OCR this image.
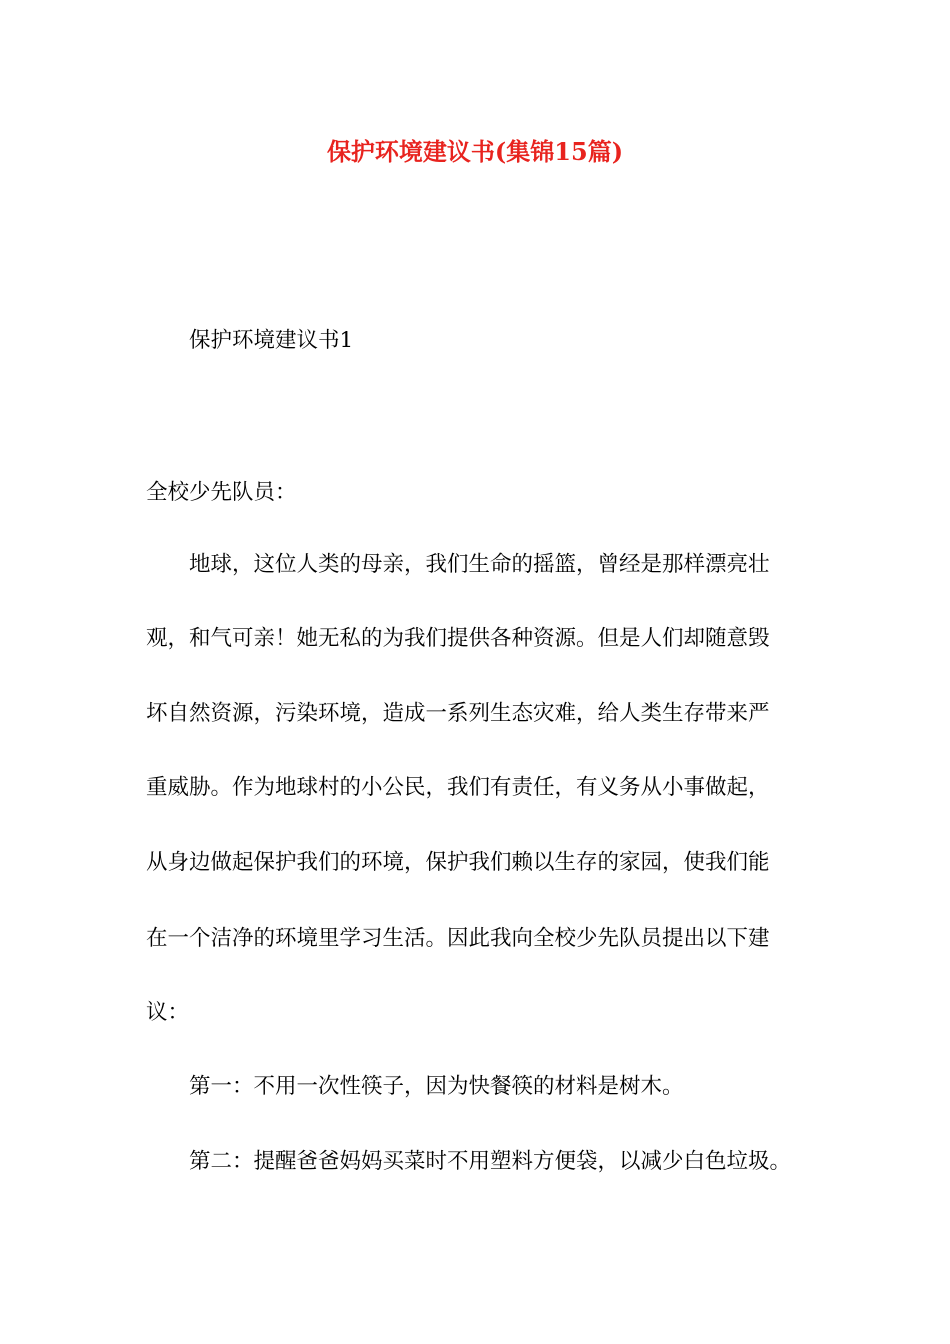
保护环境建议书(集锦15篇)
保护环境建议书1
全校少先队员：
地球，这位人类的母亲，我们生命的摇篮，曾经是那样漂亮壮
观，和气可亲！她无私的为我们提供各种资源。但是人们却随意毁
坏自然资源，污染环境，造成一系列生态灾难，给人类生存带来严
重威胁。作为地球村的小公民，我们有责任，有义务从小事做起，
从身边做起保护我们的环境，保护我们赖以生存的家园，使我们能
在一个洁净的环境里学习生活。因此我向全校少先队员提出以下建
议：
第一：不用一次性筷子，因为快餐筷的材料是树木。
第二：提醒爸爸妈妈买菜时不用塑料方便袋，以减少白色垃圾。
